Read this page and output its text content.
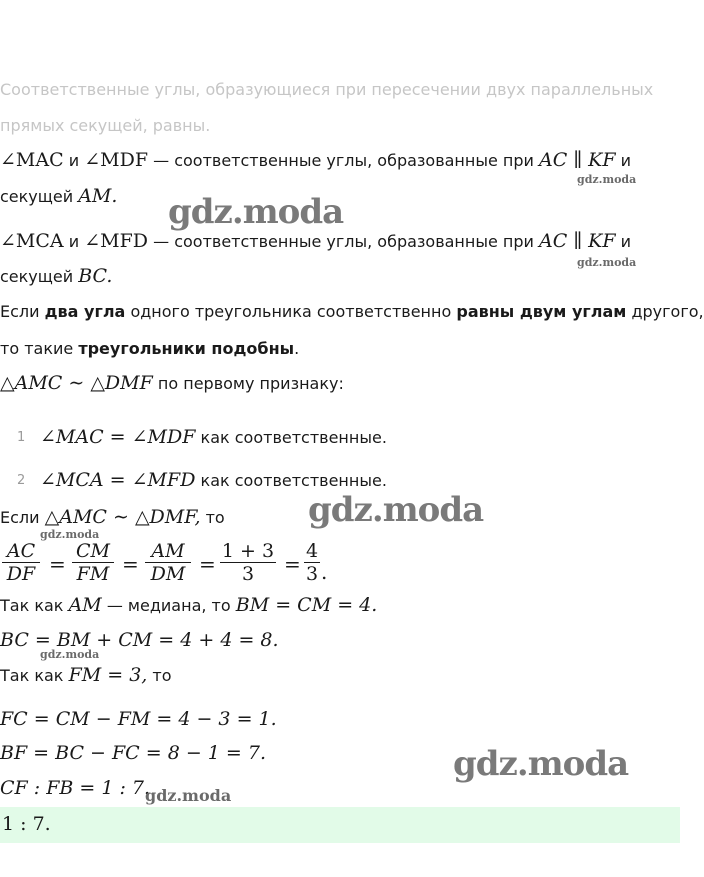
Соответственные углы, образующиеся при пересечении двух параллельных
прямых секущей, равны.
∠MAC и ∠MDF — соответственные углы, образованные при AC ∥ KF и
секущей AM.
∠MCA и ∠MFD — соответственные углы, образованные при AC ∥ KF и
секущей BC.
Если два угла одного треугольника соответственно равны двум углам другого,
то такие треугольники подобны.
△AMC ∼ △DMF по первому признаку:
1 ∠MAC = ∠MDF как соответственные.
2 ∠MCA = ∠MFD как соответственные.
Если △AMC ∼ △DMF, то
$\frac{AC}{DF} = \frac{CM}{FM} = \frac{AM}{DM} = \frac{1 + 3}{3} = \frac{4}{3}$ .
Так как AM — медиана, то BM = CM = 4.
BC = BM + CM = 4 + 4 = 8.
Так как FM = 3, то
FC = CM − FM = 4 − 3 = 1.
BF = BC − FC = 8 − 1 = 7.
CF : FB = 1 : 7.
1 : 7.
gdz.moda
gdz.moda
gdz.moda
gdz.moda
gdz.moda
gdz.moda
gdz.moda
gdz.moda
